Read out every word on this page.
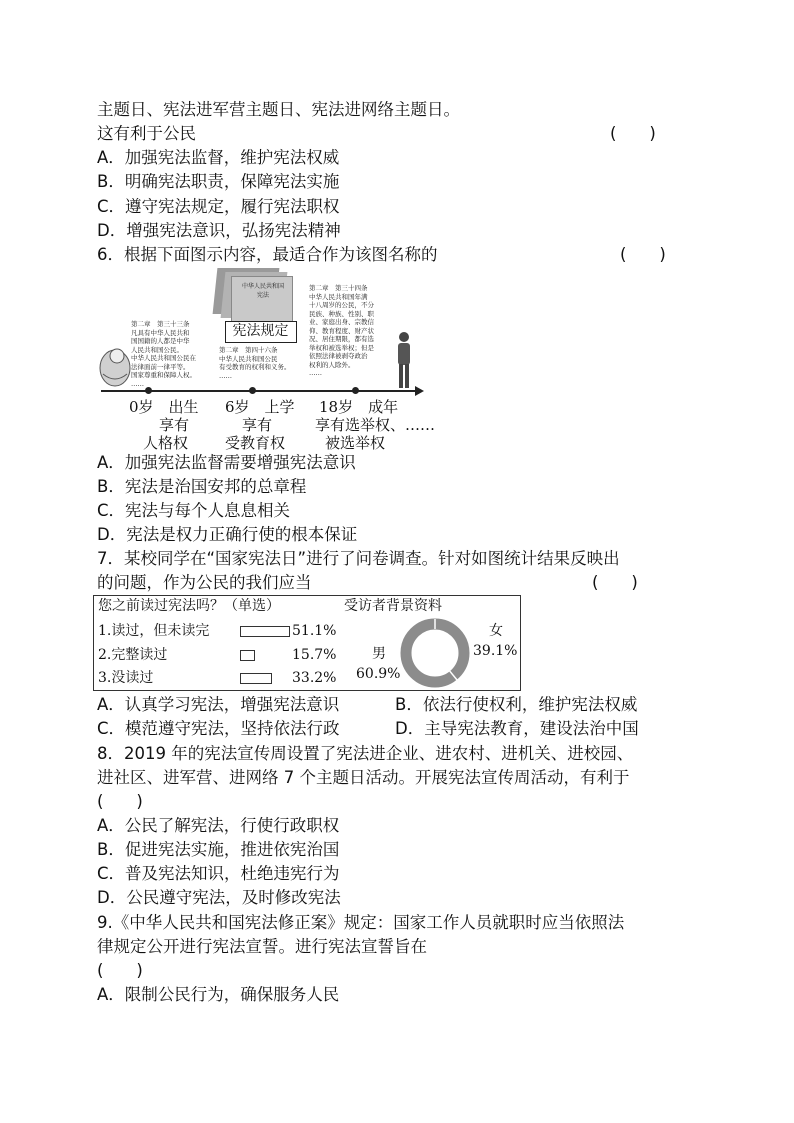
主题日、宪法进军营主题日、宪法进网络主题日。
这有利于公民	(　　)
A．加强宪法监督，维护宪法权威
B．明确宪法职责，保障宪法实施
C．遵守宪法规定，履行宪法职权
D．增强宪法意识，弘扬宪法精神
6．根据下面图示内容，最适合作为该图名称的	(　　)
中华人民共和国
宪法
宪法规定
第二章　第三十三条
凡具有中华人民共和
国国籍的人都是中华
人民共和国公民。
中华人民共和国公民在
法律面前一律平等。
国家尊重和保障人权。
……
第二章　第四十六条
中华人民共和国公民
有受教育的权利和义务。
……
第二章　第三十四条
中华人民共和国年满
十八周岁的公民，不分
民族、种族、性别、职
业、家庭出身、宗教信
仰、教育程度、财产状
况、居住期限，都有选
举权和被选举权；但是
依照法律被剥夺政治
权利的人除外。
……
0岁　出生
享有
人格权
6岁　上学
享有
受教育权
18岁　成年
享有选举权、……
被选举权
A．加强宪法监督需要增强宪法意识
B．宪法是治国安邦的总章程
C．宪法与每个人息息相关
D．宪法是权力正确行使的根本保证
7．某校同学在“国家宪法日”进行了问卷调查。针对如图统计结果反映出
的问题，作为公民的我们应当	(　　)
您之前读过宪法吗？（单选）	受访者背景资料
1.读过，但未读完	51.1%
2.完整读过	15.7%
3.没读过	33.2%
女
39.1%
男
60.9%
A．认真学习宪法，增强宪法意识	B．依法行使权利，维护宪法权威
C．模范遵守宪法，坚持依法行政	D．主导宪法教育，建设法治中国
8．2019 年的宪法宣传周设置了宪法进企业、进农村、进机关、进校园、
进社区、进军营、进网络 7 个主题日活动。开展宪法宣传周活动，有利于
(　　)
A．公民了解宪法，行使行政职权
B．促进宪法实施，推进依宪治国
C．普及宪法知识，杜绝违宪行为
D．公民遵守宪法，及时修改宪法
9.《中华人民共和国宪法修正案》规定：国家工作人员就职时应当依照法
律规定公开进行宪法宣誓。进行宪法宣誓旨在
(　　)
A．限制公民行为，确保服务人民
